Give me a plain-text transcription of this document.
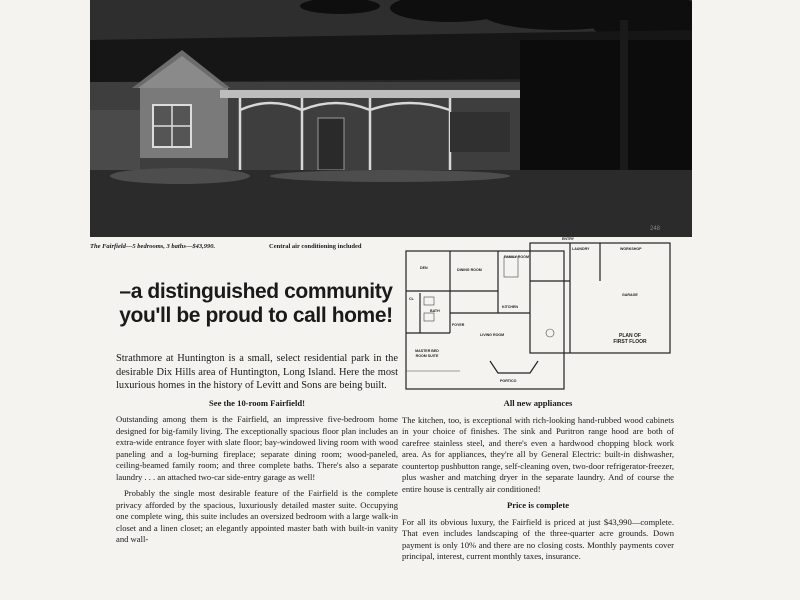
248
The Fairfield—5 bedrooms, 3 baths—$43,990.	Central air conditioning included
–a distinguished community
you'll be proud to call home!

Strathmore at Huntington is a small, select residential park in the desirable Dix Hills area of Huntington, Long Island. Here the most luxurious homes in the history of Levitt and Sons are being built.

See the 10-room Fairfield!

Outstanding among them is the Fairfield, an impressive five-bedroom home designed for big-family living. The exceptionally spacious floor plan includes an extra-wide entrance foyer with slate floor; bay-windowed living room with wood paneling and a log-burning fireplace; separate dining room; wood-paneled, ceiling-beamed family room; and three complete baths. There's also a separate laundry . . . an attached two-car side-entry garage as well!

Probably the single most desirable feature of the Fairfield is the complete privacy afforded by the spacious, luxuriously detailed master suite. Occupying one complete wing, this suite includes an oversized bedroom with a large walk-in closet and a linen closet; an elegantly appointed master bath with built-in vanity and wall-

DEN	DINING ROOM
FAMILY ROOM
KITCHEN
LAUNDRY	WORKSHOP
ENTRY
GARAGE
LIVING ROOM
BATH
CL
FOYER
MASTER BED ROOM SUITE
PORTICO
PLAN OF
FIRST FLOOR

All new appliances

The kitchen, too, is exceptional with rich-looking hand-rubbed wood cabinets in your choice of finishes. The sink and Puritron range hood are both of carefree stainless steel, and there's even a hardwood chopping block work area. As for appliances, they're all by General Electric: built-in dishwasher, countertop pushbutton range, self-cleaning oven, two-door refrigerator-freezer, plus washer and matching dryer in the separate laundry. And of course the entire house is centrally air conditioned!

Price is complete

For all its obvious luxury, the Fairfield is priced at just $43,990—complete. That even includes landscaping of the three-quarter acre grounds. Down payment is only 10% and there are no closing costs. Monthly payments cover principal, interest, current monthly taxes, insurance.
